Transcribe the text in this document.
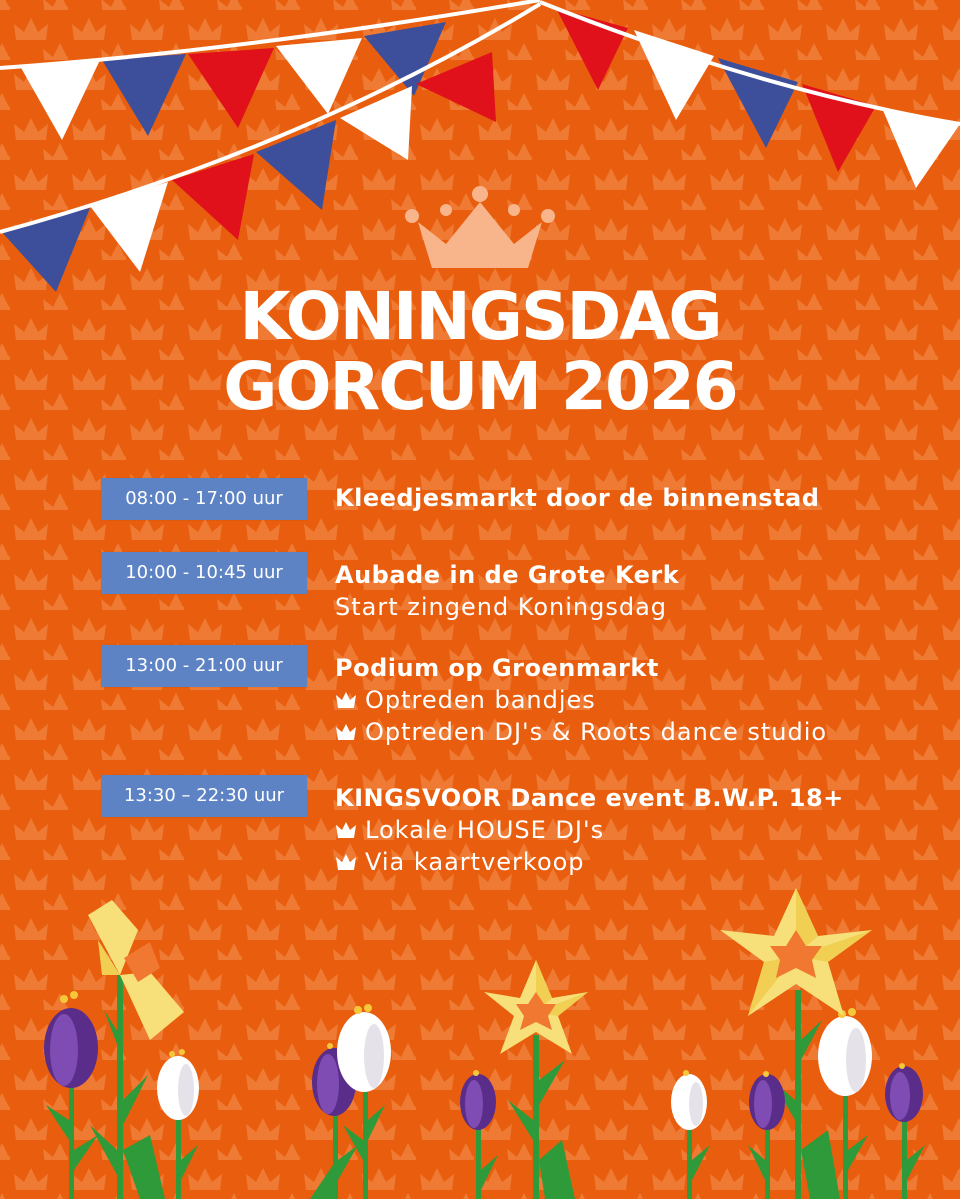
KONINGSDAG
GORCUM 2026
08:00 - 17:00 uur	Kleedjesmarkt door de binnenstad
10:00 - 10:45 uur	Aubade in de Grote Kerk
Start zingend Koningsdag
13:00 - 21:00 uur	Podium op Groenmarkt
Optreden bandjes
Optreden DJ's & Roots dance studio
13:30 – 22:30 uur	KINGSVOOR Dance event B.W.P. 18+
Lokale HOUSE DJ's
Via kaartverkoop
